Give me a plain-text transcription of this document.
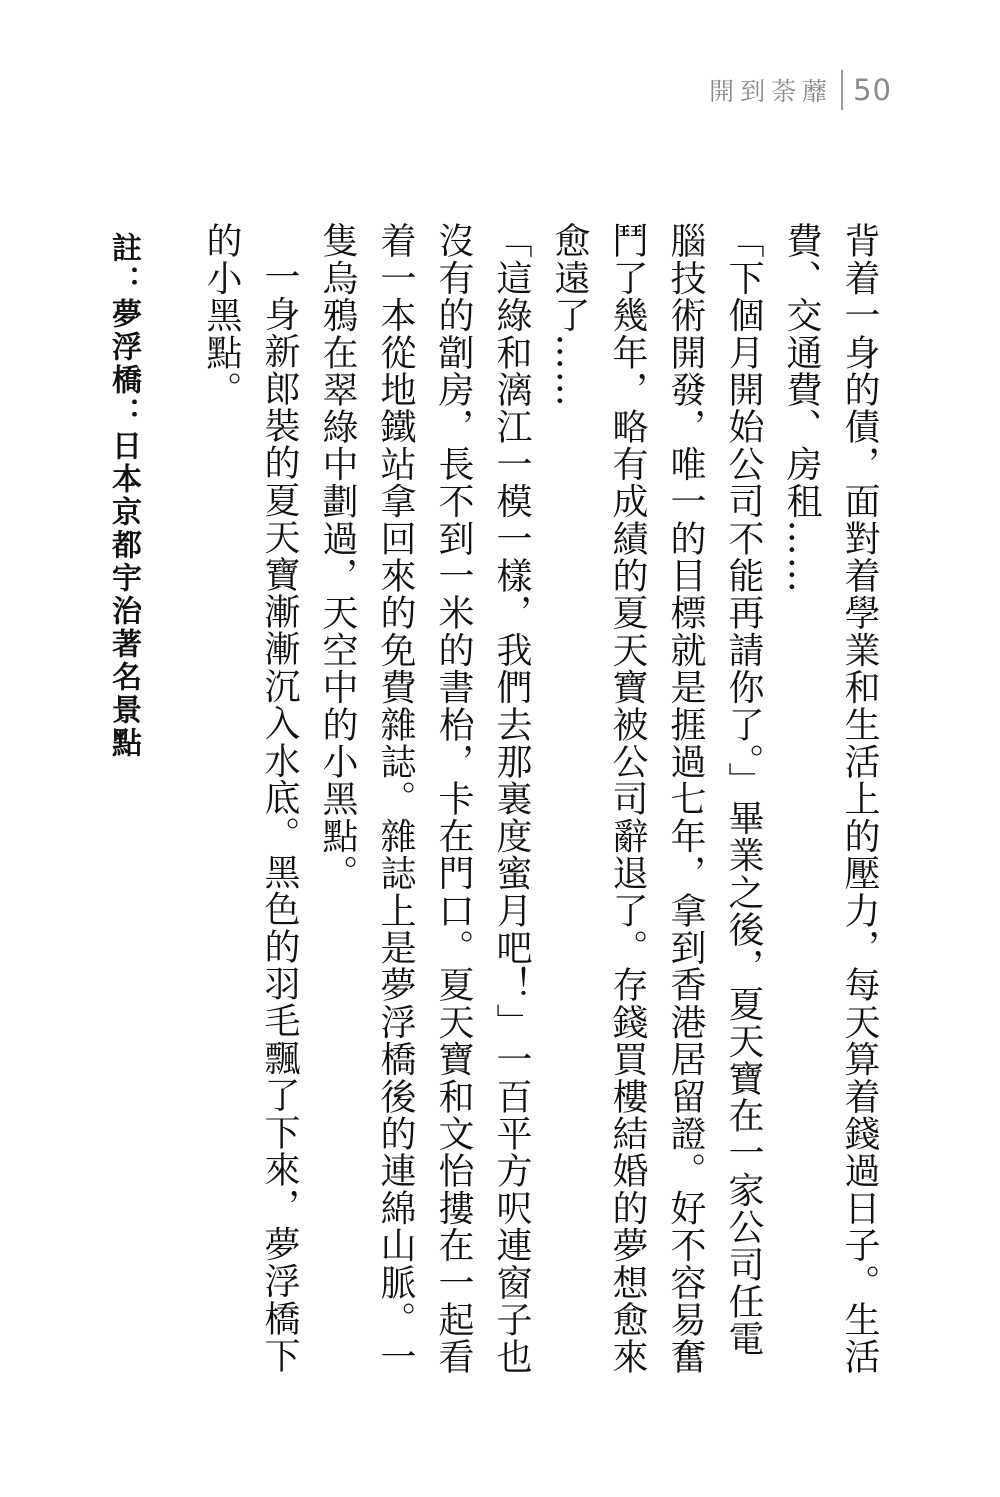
開到荼蘼 50

背着一身的債，面對着學業和生活上的壓力，每天算着錢過日子。生活費、交通費、房租……

「下個月開始公司不能再請你了。」畢業之後，夏天寶在一家公司任電腦技術開發，唯一的目標就是捱過七年，拿到香港居留證。好不容易奮鬥了幾年，略有成績的夏天寶被公司辭退了。存錢買樓結婚的夢想愈來愈遠了……

「這綠和漓江一模一樣，我們去那裏度蜜月吧！」一百平方呎連窗子也沒有的劏房，長不到一米的書枱，卡在門口。夏天寶和文怡摟在一起看着一本從地鐵站拿回來的免費雜誌。雜誌上是夢浮橋後的連綿山脈。一隻烏鴉在翠綠中劃過，天空中的小黑點。

一身新郎裝的夏天寶漸漸沉入水底。黑色的羽毛飄了下來，夢浮橋下的小黑點。

註：夢浮橋：日本京都宇治著名景點
